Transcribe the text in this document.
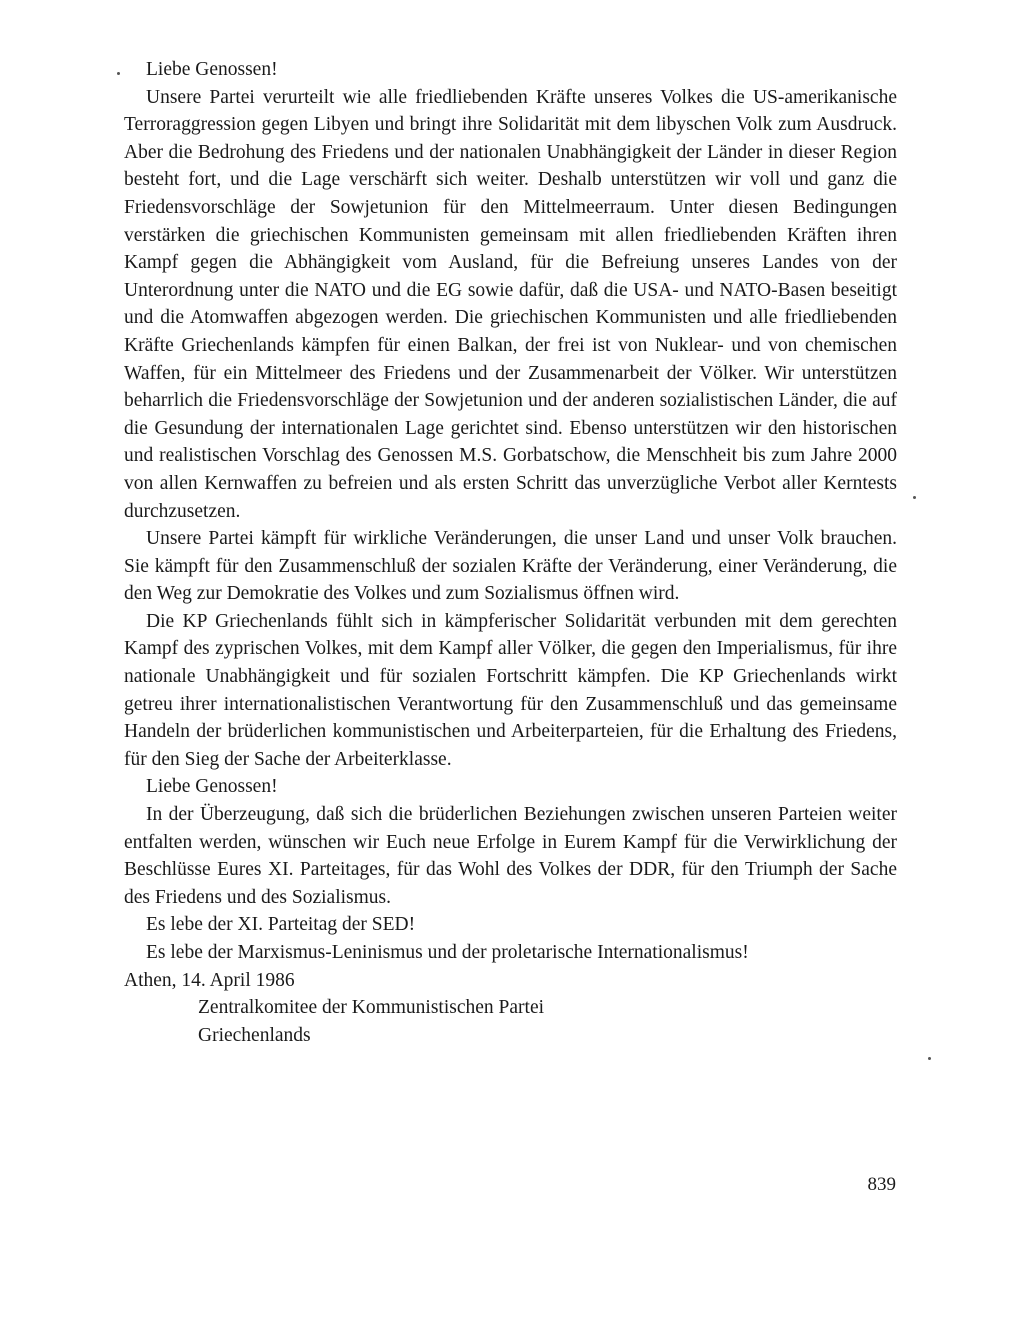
Liebe Genossen!

Unsere Partei verurteilt wie alle friedliebenden Kräfte unseres Volkes die US-amerikanische Terroraggression gegen Libyen und bringt ihre Solidarität mit dem libyschen Volk zum Ausdruck. Aber die Bedrohung des Friedens und der nationalen Unabhängigkeit der Länder in dieser Region besteht fort, und die Lage verschärft sich weiter. Deshalb unterstützen wir voll und ganz die Friedensvorschläge der Sowjetunion für den Mittelmeerraum. Unter diesen Bedingungen verstärken die griechischen Kommunisten gemeinsam mit allen friedliebenden Kräften ihren Kampf gegen die Abhängigkeit vom Ausland, für die Befreiung unseres Landes von der Unterordnung unter die NATO und die EG sowie dafür, daß die USA- und NATO-Basen beseitigt und die Atomwaffen abgezogen werden. Die griechischen Kommunisten und alle friedliebenden Kräfte Griechenlands kämpfen für einen Balkan, der frei ist von Nuklear- und von chemischen Waffen, für ein Mittelmeer des Friedens und der Zusammenarbeit der Völker. Wir unterstützen beharrlich die Friedensvorschläge der Sowjetunion und der anderen sozialistischen Länder, die auf die Gesundung der internationalen Lage gerichtet sind. Ebenso unterstützen wir den historischen und realistischen Vorschlag des Genossen M.S. Gorbatschow, die Menschheit bis zum Jahre 2000 von allen Kernwaffen zu befreien und als ersten Schritt das unverzügliche Verbot aller Kerntests durchzusetzen.

Unsere Partei kämpft für wirkliche Veränderungen, die unser Land und unser Volk brauchen. Sie kämpft für den Zusammenschluß der sozialen Kräfte der Veränderung, einer Veränderung, die den Weg zur Demokratie des Volkes und zum Sozialismus öffnen wird.

Die KP Griechenlands fühlt sich in kämpferischer Solidarität verbunden mit dem gerechten Kampf des zyprischen Volkes, mit dem Kampf aller Völker, die gegen den Imperialismus, für ihre nationale Unabhängigkeit und für sozialen Fortschritt kämpfen. Die KP Griechenlands wirkt getreu ihrer internationalistischen Verantwortung für den Zusammenschluß und das gemeinsame Handeln der brüderlichen kommunistischen und Arbeiterparteien, für die Erhaltung des Friedens, für den Sieg der Sache der Arbeiterklasse.

Liebe Genossen!

In der Überzeugung, daß sich die brüderlichen Beziehungen zwischen unseren Parteien weiter entfalten werden, wünschen wir Euch neue Erfolge in Eurem Kampf für die Verwirklichung der Beschlüsse Eures XI. Parteitages, für das Wohl des Volkes der DDR, für den Triumph der Sache des Friedens und des Sozialismus.

Es lebe der XI. Parteitag der SED!

Es lebe der Marxismus-Leninismus und der proletarische Internationalismus!

Athen, 14. April 1986

Zentralkomitee der Kommunistischen Partei

Griechenlands

839
